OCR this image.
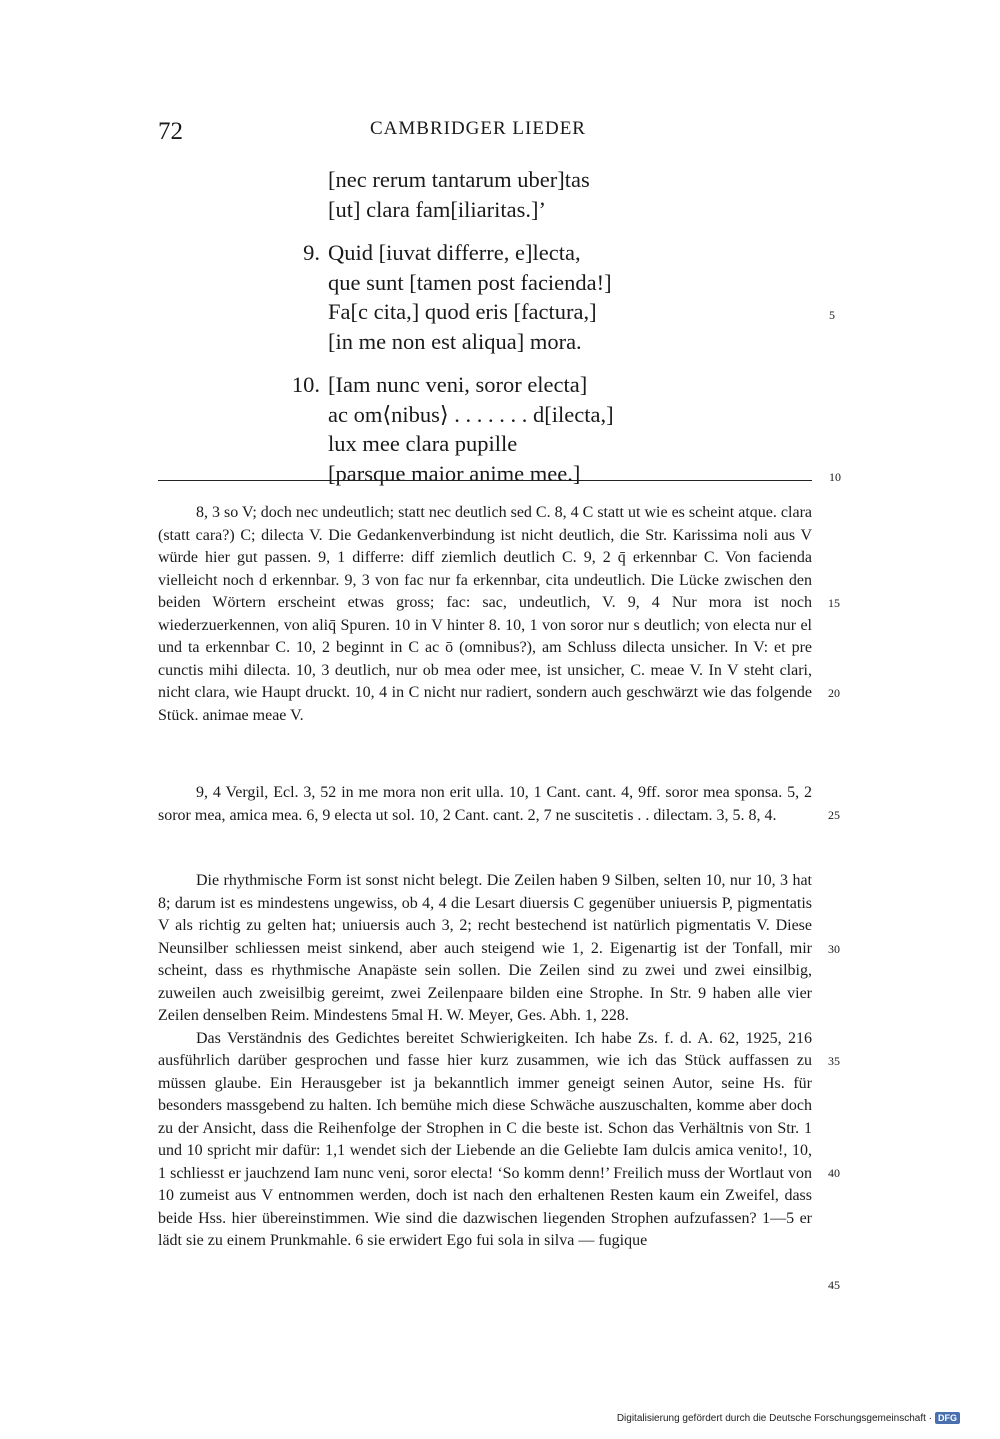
72	CAMBRIDGER LIEDER
[nec rerum tantarum uber]tas
[ut] clara fam[iliaritas.]’
9. Quid [iuvat differre, e]lecta,
que sunt [tamen post facienda!]
Fa[c cita,] quod eris [factura,]	5
[in me non est aliqua] mora.
10. [Iam nunc veni, soror electa]
ac om⟨nibus⟩ . . . . . . . d[ilecta,]
lux mee clara pupille
[parsque maior anime mee.]	10

8, 3 so V; doch nec undeutlich; statt nec deutlich sed C. 8, 4 C statt ut wie es scheint atque. clara (statt cara?) C; dilecta V. Die Gedankenverbindung ist nicht deutlich, die Str. Karissima noli aus V würde hier gut passen. 9, 1 differre: diff ziemlich deutlich C. 9, 2 q̄ erkennbar C. Von facienda vielleicht noch d erkennbar. 9, 3 von fac nur fa erkennbar, cita undeutlich. Die Lücke zwischen den beiden Wörtern erscheint etwas gross; fac: sac, undeutlich, V. 9, 4 Nur mora ist noch wiederzuerkennen, von aliq̄ Spuren. 10 in V hinter 8. 10, 1 von soror nur s deutlich; von electa nur el und ta erkennbar C. 10, 2 beginnt in C ac ō (omnibus?), am Schluss dilecta unsicher. In V: et pre cunctis mihi dilecta. 10, 3 deutlich, nur ob mea oder mee, ist unsicher, C. meae V. In V steht clari, nicht clara, wie Haupt druckt. 10, 4 in C nicht nur radiert, sondern auch geschwärzt wie das folgende Stück. animae meae V.

15
20

9, 4 Vergil, Ecl. 3, 52 in me mora non erit ulla. 10, 1 Cant. cant. 4, 9ff. soror mea sponsa. 5, 2 soror mea, amica mea. 6, 9 electa ut sol. 10, 2 Cant. cant. 2, 7 ne suscitetis . . dilectam. 3, 5. 8, 4.	25

Die rhythmische Form ist sonst nicht belegt. Die Zeilen haben 9 Silben, selten 10, nur 10, 3 hat 8; darum ist es mindestens ungewiss, ob 4, 4 die Lesart diuersis C gegenüber uniuersis P, pigmentatis V als richtig zu gelten hat; uniuersis auch 3, 2; recht bestechend ist natürlich pigmentatis V. Diese Neunsilber schliessen meist sinkend, aber auch steigend wie 1, 2. Eigenartig ist der Tonfall, mir scheint, dass es rhythmische Anapäste sein sollen. Die Zeilen sind zu zwei und zwei einsilbig, zuweilen auch zweisilbig gereimt, zwei Zeilenpaare bilden eine Strophe. In Str. 9 haben alle vier Zeilen denselben Reim. Mindestens 5mal H. W. Meyer, Ges. Abh. 1, 228.

Das Verständnis des Gedichtes bereitet Schwierigkeiten. Ich habe Zs. f. d. A. 62, 1925, 216 ausführlich darüber gesprochen und fasse hier kurz zusammen, wie ich das Stück auffassen zu müssen glaube. Ein Herausgeber ist ja bekanntlich immer geneigt seinen Autor, seine Hs. für besonders massgebend zu halten. Ich bemühe mich diese Schwäche auszuschalten, komme aber doch zu der Ansicht, dass die Reihenfolge der Strophen in C die beste ist. Schon das Verhältnis von Str. 1 und 10 spricht mir dafür: 1,1 wendet sich der Liebende an die Geliebte Iam dulcis amica venito!, 10, 1 schliesst er jauchzend Iam nunc veni, soror electa! ‘So komm denn!’ Freilich muss der Wortlaut von 10 zumeist aus V entnommen werden, doch ist nach den erhaltenen Resten kaum ein Zweifel, dass beide Hss. hier übereinstimmen. Wie sind die dazwischen liegenden Strophen aufzufassen? 1—5 er lädt sie zu einem Prunkmahle. 6 sie erwidert Ego fui sola in silva — fugique

30
35
40
45
Digitalisierung gefördert durch die Deutsche Forschungsgemeinschaft · DFG
